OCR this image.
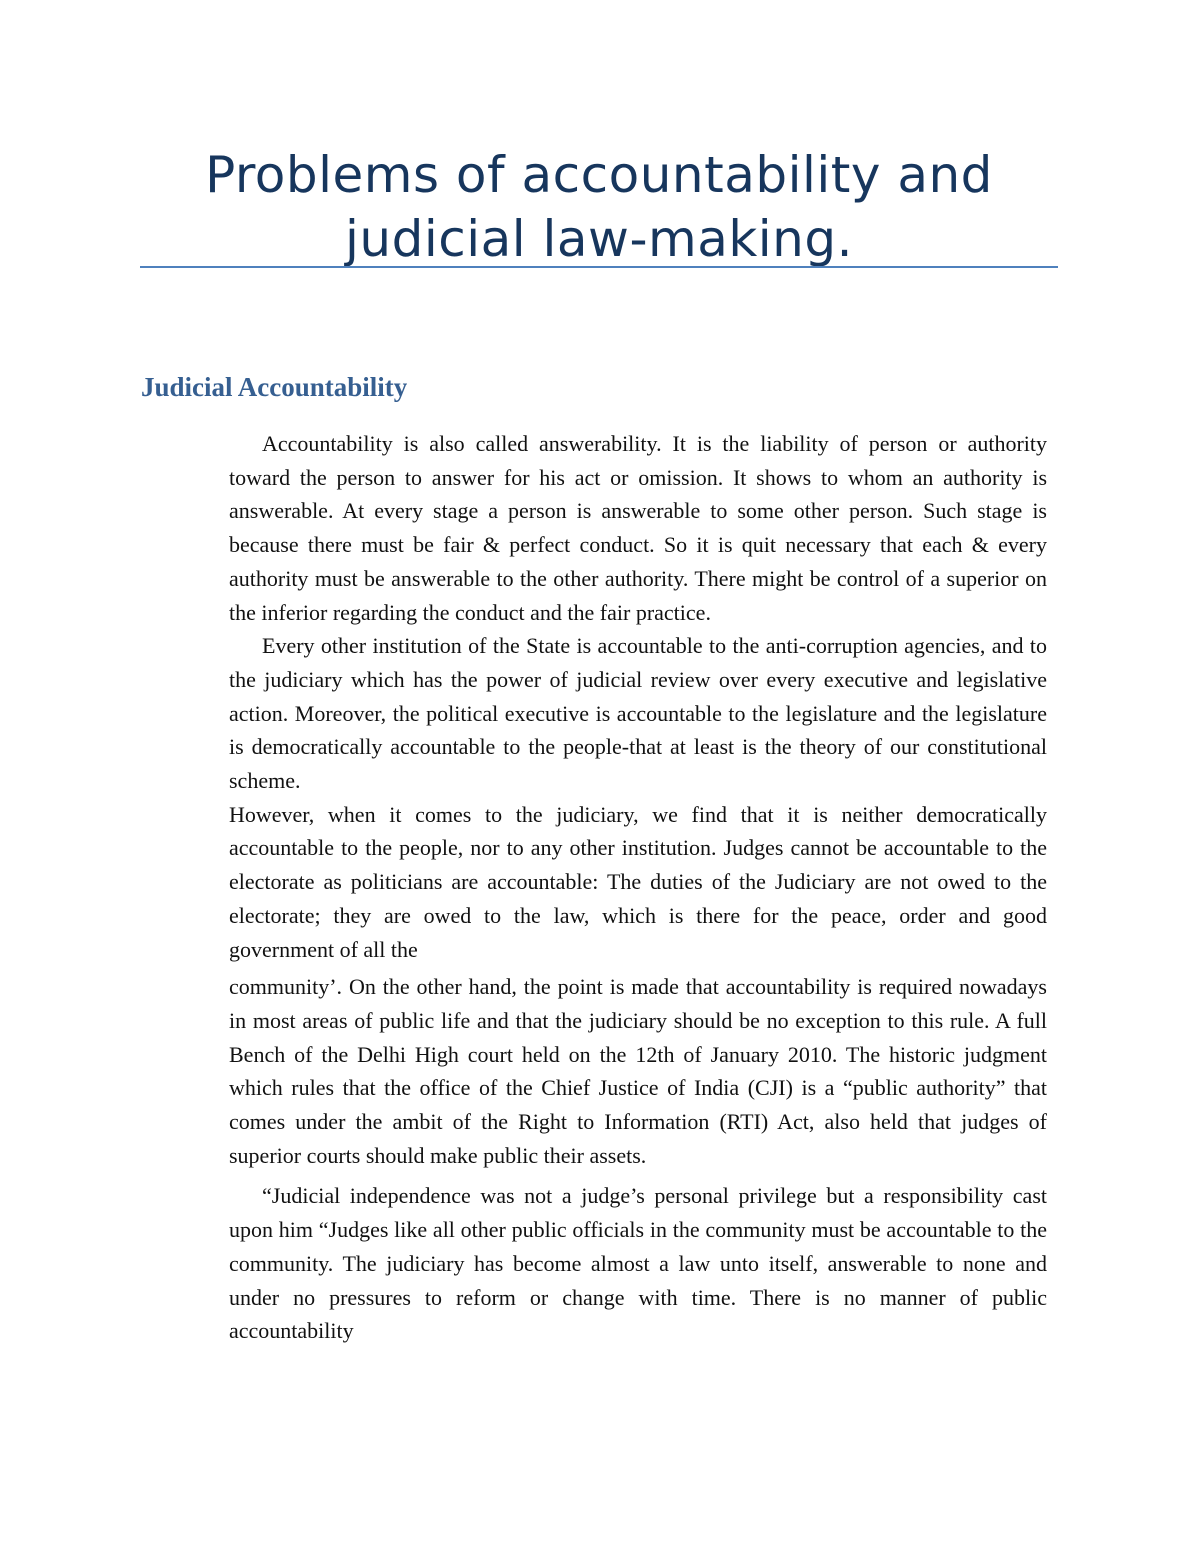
Problems of accountability and judicial law-making.
Judicial Accountability

Accountability is also called answerability. It is the liability of person or authority toward the person to answer for his act or omission. It shows to whom an authority is answerable. At every stage a person is answerable to some other person. Such stage is because there must be fair & perfect conduct. So it is quit necessary that each & every authority must be answerable to the other authority. There might be control of a superior on the inferior regarding the conduct and the fair practice.

Every other institution of the State is accountable to the anti-corruption agencies, and to the judiciary which has the power of judicial review over every executive and legislative action. Moreover, the political executive is accountable to the legislature and the legislature is democratically accountable to the people-that at least is the theory of our constitutional scheme.

However, when it comes to the judiciary, we find that it is neither democratically accountable to the people, nor to any other institution. Judges cannot be accountable to the electorate as politicians are accountable: The duties of the Judiciary are not owed to the electorate; they are owed to the law, which is there for the peace, order and good government of all the

community’. On the other hand, the point is made that accountability is required nowadays in most areas of public life and that the judiciary should be no exception to this rule. A full Bench of the Delhi High court held on the 12th of January 2010. The historic judgment which rules that the office of the Chief Justice of India (CJI) is a “public authority” that comes under the ambit of the Right to Information (RTI) Act, also held that judges of superior courts should make public their assets.

“Judicial independence was not a judge’s personal privilege but a responsibility cast upon him “Judges like all other public officials in the community must be accountable to the community. The judiciary has become almost a law unto itself, answerable to none and under no pressures to reform or change with time. There is no manner of public accountability
